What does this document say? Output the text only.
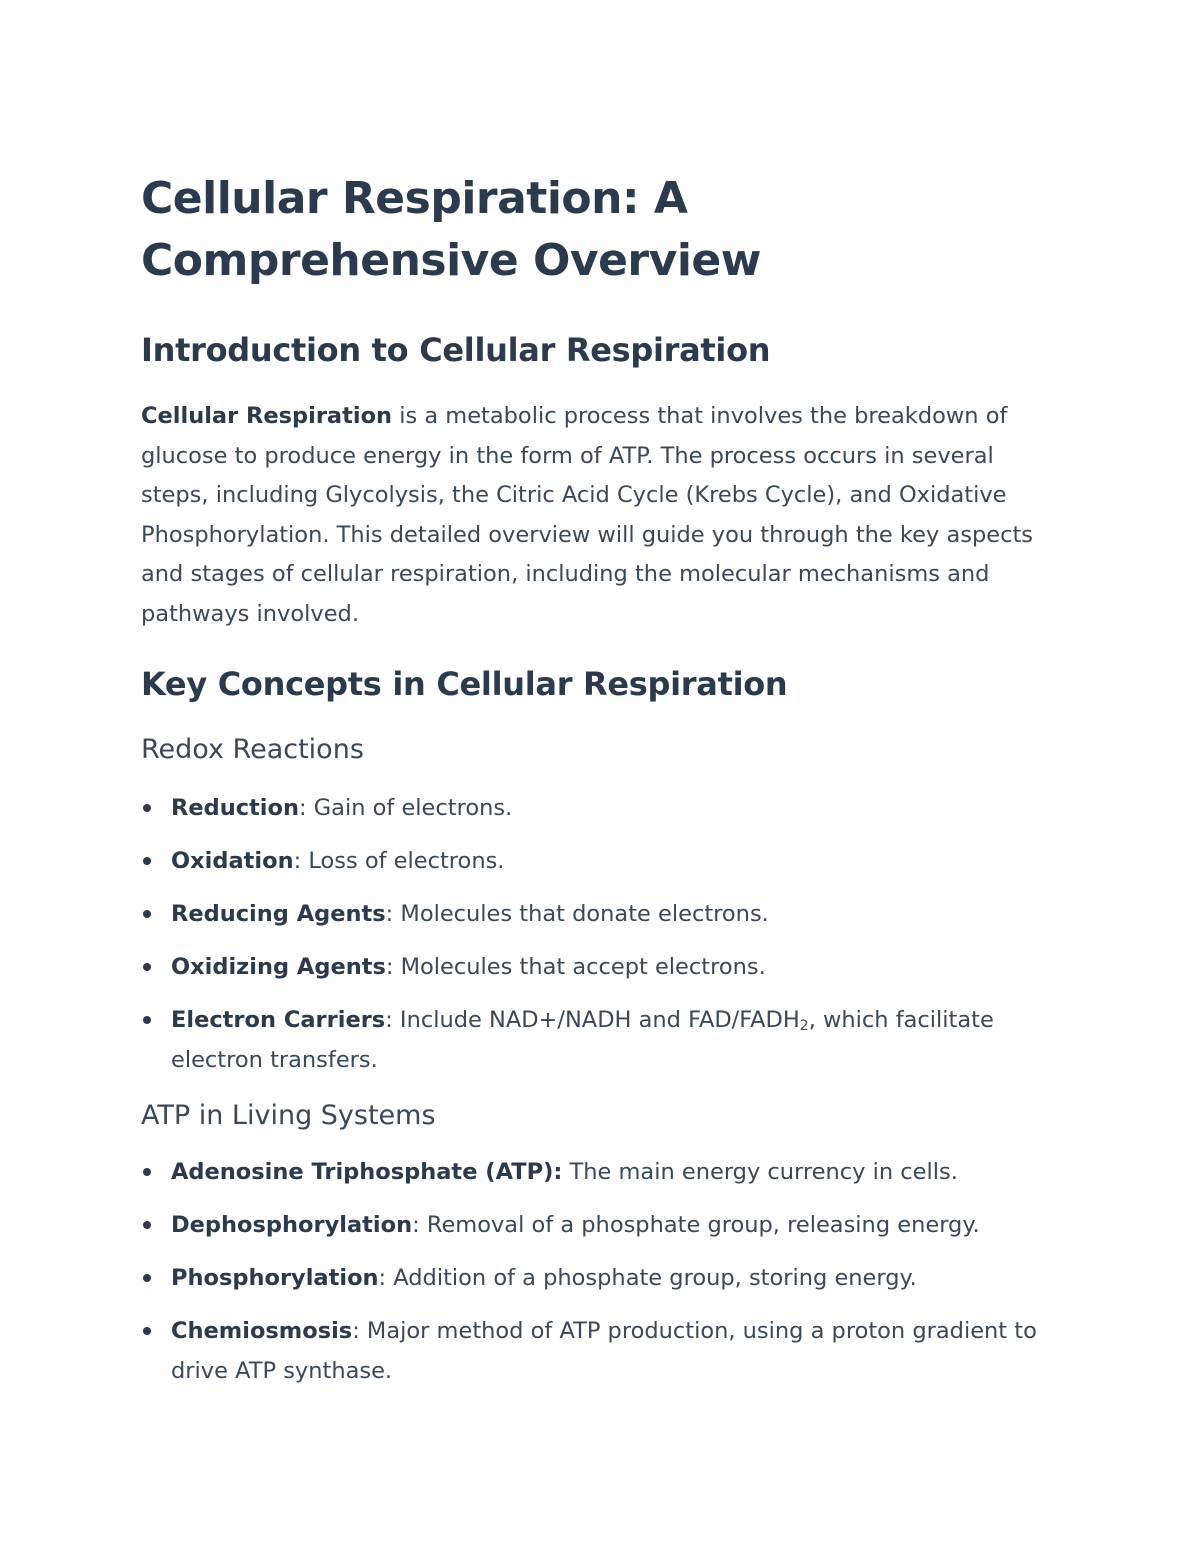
Cellular Respiration: A Comprehensive Overview
Introduction to Cellular Respiration

Cellular Respiration is a metabolic process that involves the breakdown of glucose to produce energy in the form of ATP. The process occurs in several steps, including Glycolysis, the Citric Acid Cycle (Krebs Cycle), and Oxidative Phosphorylation. This detailed overview will guide you through the key aspects and stages of cellular respiration, including the molecular mechanisms and pathways involved.

Key Concepts in Cellular Respiration
Redox Reactions
Reduction: Gain of electrons.
Oxidation: Loss of electrons.
Reducing Agents: Molecules that donate electrons.
Oxidizing Agents: Molecules that accept electrons.
Electron Carriers: Include NAD+/NADH and FAD/$FADH_2$, which facilitate electron transfers.
ATP in Living Systems
Adenosine Triphosphate (ATP): The main energy currency in cells.
Dephosphorylation: Removal of a phosphate group, releasing energy.
Phosphorylation: Addition of a phosphate group, storing energy.
Chemiosmosis: Major method of ATP production, using a proton gradient to drive ATP synthase.
